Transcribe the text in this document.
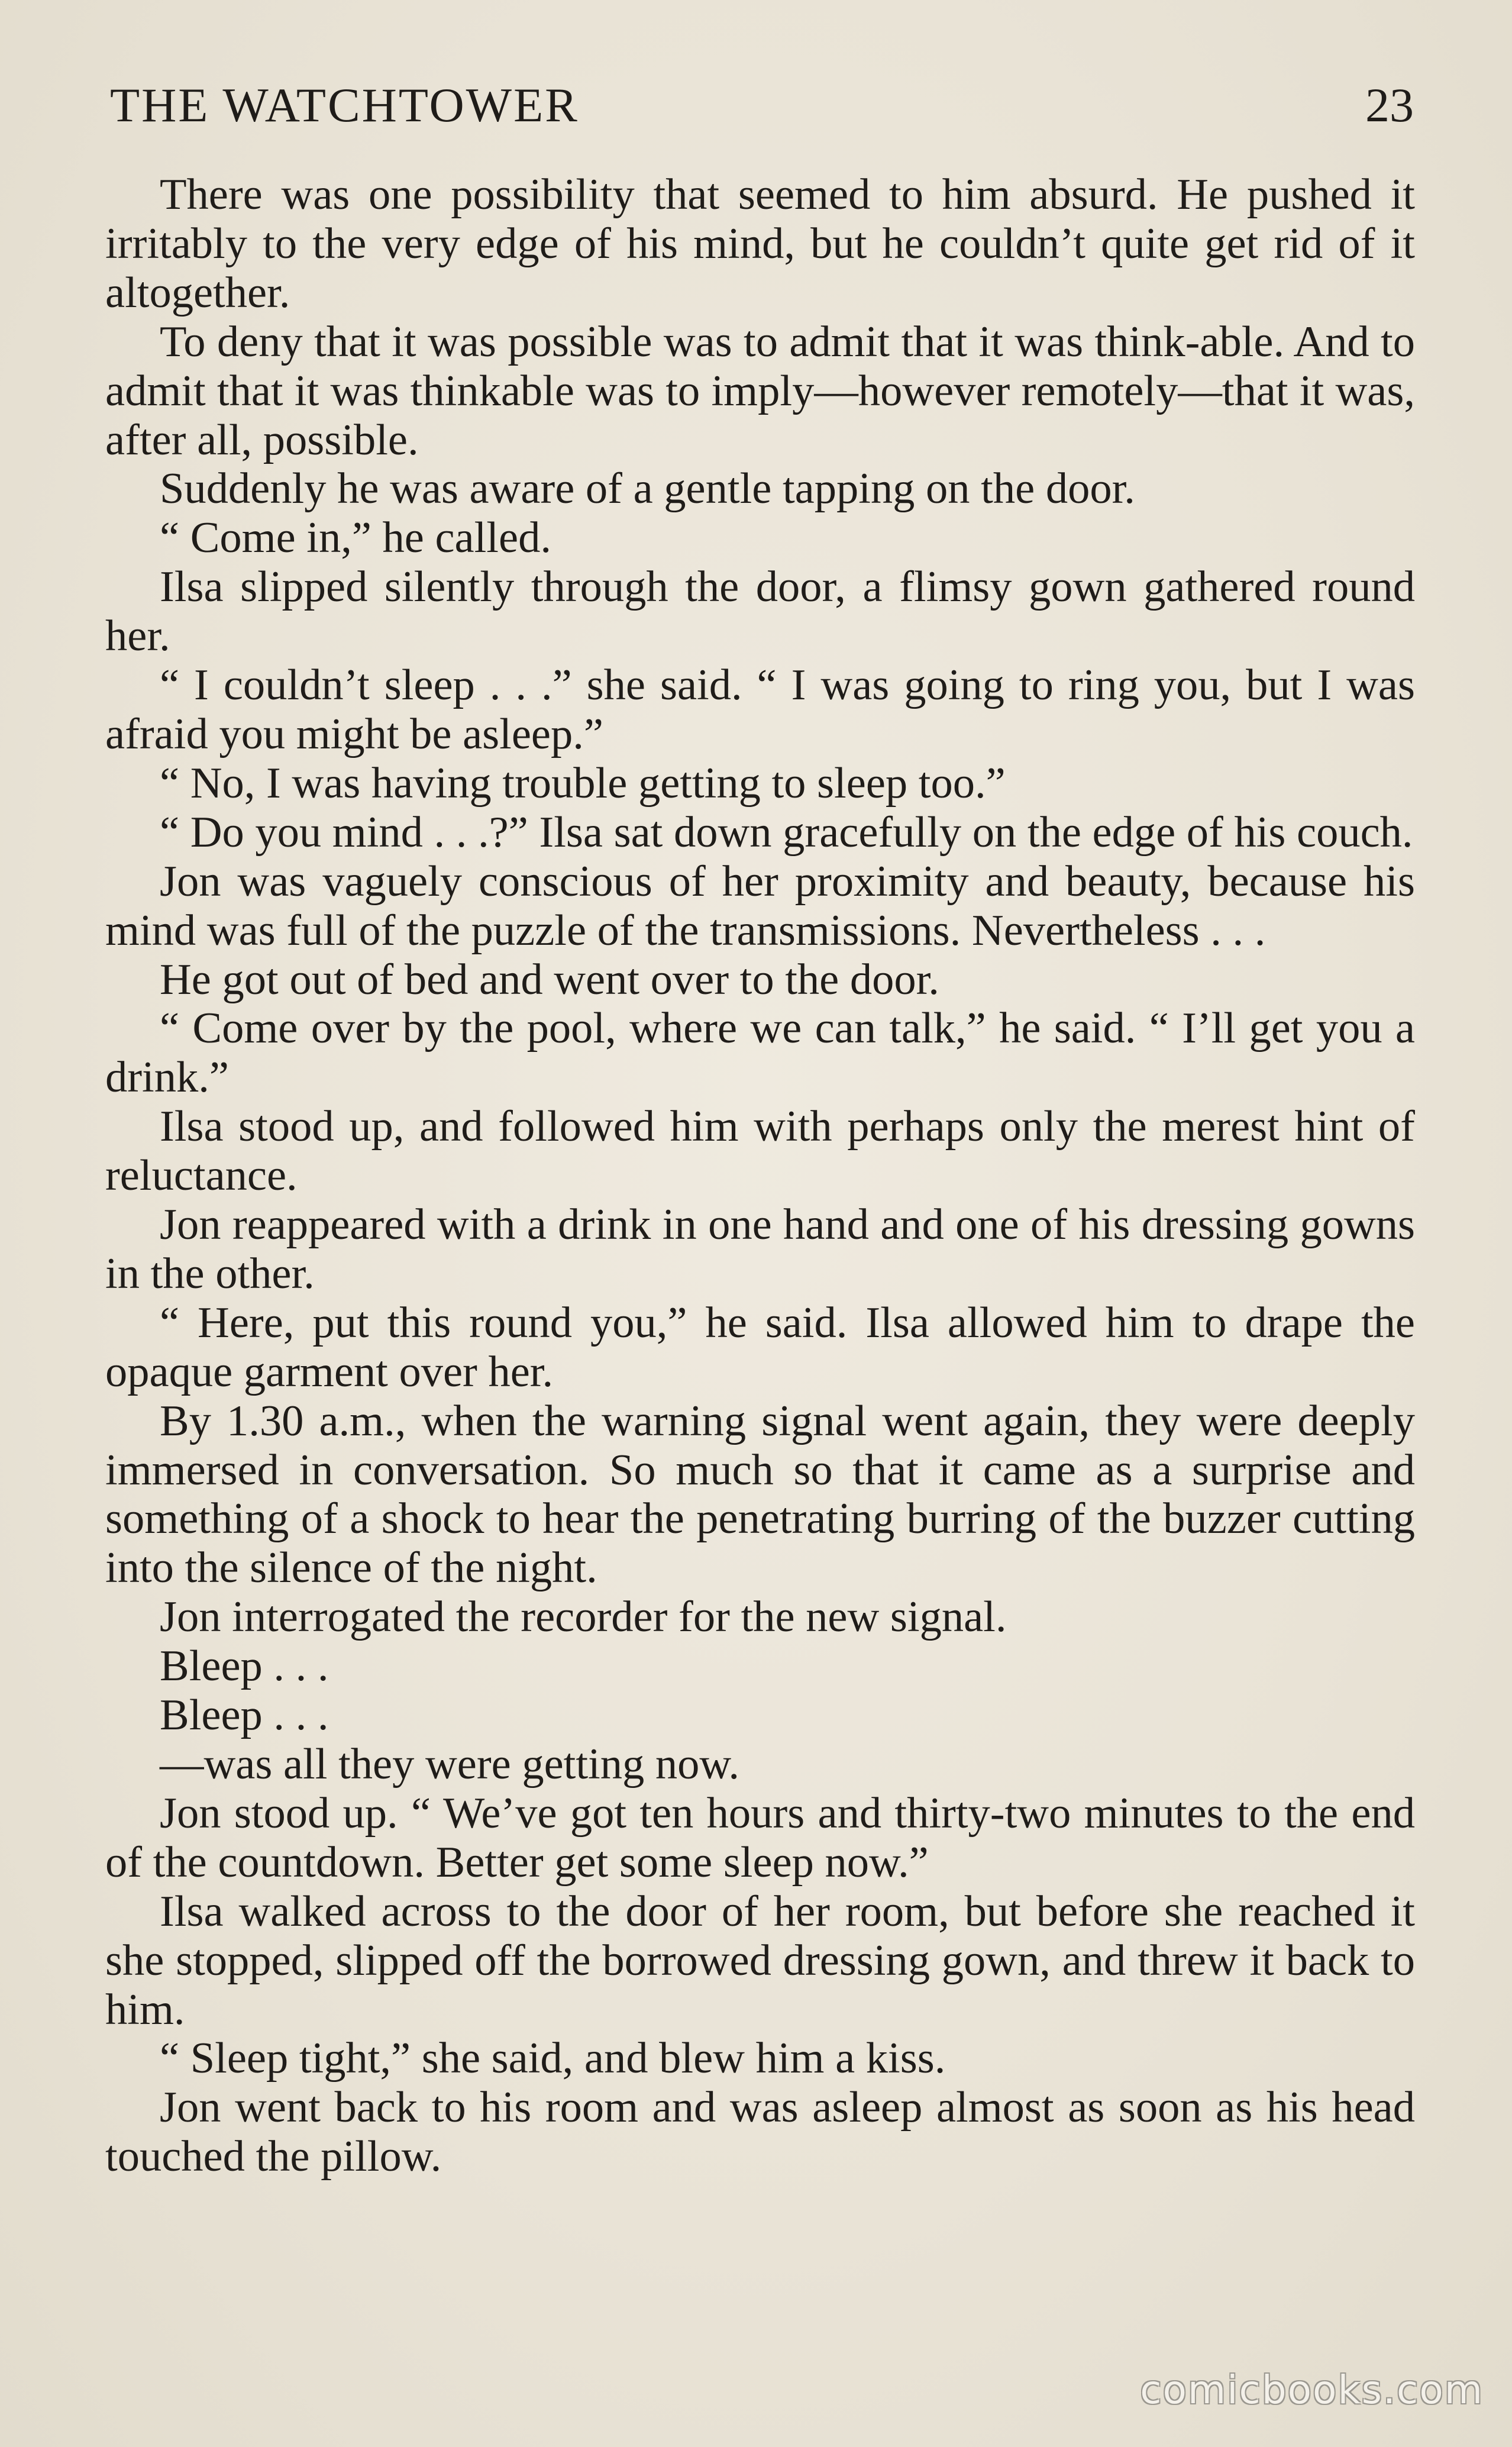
THE WATCHTOWER	23

There was one possibility that seemed to him absurd. He pushed it irritably to the very edge of his mind, but he couldn’t quite get rid of it altogether.

To deny that it was possible was to admit that it was think-able. And to admit that it was thinkable was to imply—however remotely—that it was, after all, possible.

Suddenly he was aware of a gentle tapping on the door.

“ Come in,” he called.

Ilsa slipped silently through the door, a flimsy gown gathered round her.

“ I couldn’t sleep . . .” she said. “ I was going to ring you, but I was afraid you might be asleep.”

“ No, I was having trouble getting to sleep too.”

“ Do you mind . . .?” Ilsa sat down gracefully on the edge of his couch.

Jon was vaguely conscious of her proximity and beauty, because his mind was full of the puzzle of the transmissions. Nevertheless . . .

He got out of bed and went over to the door.

“ Come over by the pool, where we can talk,” he said. “ I’ll get you a drink.”

Ilsa stood up, and followed him with perhaps only the merest hint of reluctance.

Jon reappeared with a drink in one hand and one of his dressing gowns in the other.

“ Here, put this round you,” he said. Ilsa allowed him to drape the opaque garment over her.

By 1.30 a.m., when the warning signal went again, they were deeply immersed in conversation. So much so that it came as a surprise and something of a shock to hear the penetrating burring of the buzzer cutting into the silence of the night.

Jon interrogated the recorder for the new signal.

Bleep . . .

Bleep . . .

—was all they were getting now.

Jon stood up. “ We’ve got ten hours and thirty-two minutes to the end of the countdown. Better get some sleep now.”

Ilsa walked across to the door of her room, but before she reached it she stopped, slipped off the borrowed dressing gown, and threw it back to him.

“ Sleep tight,” she said, and blew him a kiss.

Jon went back to his room and was asleep almost as soon as his head touched the pillow.

comicbooks.com
